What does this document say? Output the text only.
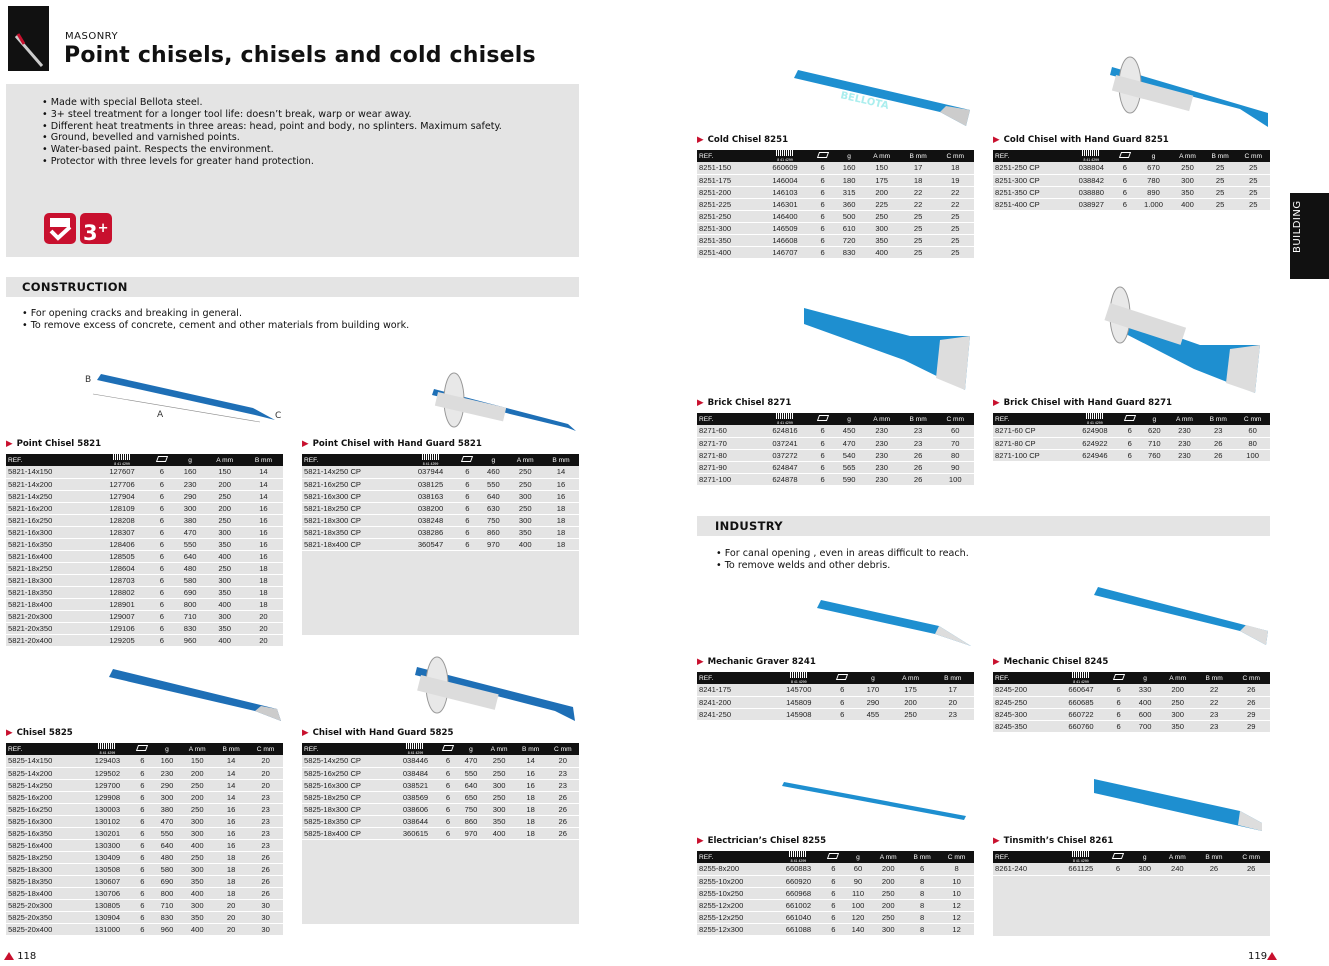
MASONRY
Point chisels, chisels and cold chisels
• Made with special Bellota steel.
• 3+ steel treatment for a longer tool life: doesn’t break, warp or wear away.
• Different heat treatments in three areas: head, point and body, no splinters. Maximum safety.
• Ground, bevelled and varnished points.
• Water-based paint. Respects the environment.
• Protector with three levels for greater hand protection.
3+
CONSTRUCTION
• For opening cracks and breaking in general.
• To remove excess of concrete, cement and other materials from building work.
BUILDING
B
A	C
BELLOTA
INDUSTRY
• For canal opening , even in areas difficult to reach.
• To remove welds and other debris.
▶ Point Chisel 5821
REF.	8 41 4299		g	A mm	B mm
5821-14x150	127607	6	160	150	14
5821-14x200	127706	6	230	200	14
5821-14x250	127904	6	290	250	14
5821-16x200	128109	6	300	200	16
5821-16x250	128208	6	380	250	16
5821-16x300	128307	6	470	300	16
5821-16x350	128406	6	550	350	16
5821-16x400	128505	6	640	400	16
5821-18x250	128604	6	480	250	18
5821-18x300	128703	6	580	300	18
5821-18x350	128802	6	690	350	18
5821-18x400	128901	6	800	400	18
5821-20x300	129007	6	710	300	20
5821-20x350	129106	6	830	350	20
5821-20x400	129205	6	960	400	20
▶ Point Chisel with Hand Guard 5821
REF.	8 41 4299		g	A mm	B mm
5821-14x250 CP	037944	6	460	250	14
5821-16x250 CP	038125	6	550	250	16
5821-16x300 CP	038163	6	640	300	16
5821-18x250 CP	038200	6	630	250	18
5821-18x300 CP	038248	6	750	300	18
5821-18x350 CP	038286	6	860	350	18
5821-18x400 CP	360547	6	970	400	18
▶ Chisel 5825
REF.	8 41 4299		g	A mm	B mm	C mm
5825-14x150	129403	6	160	150	14	20
5825-14x200	129502	6	230	200	14	20
5825-14x250	129700	6	290	250	14	20
5825-16x200	129908	6	300	200	14	23
5825-16x250	130003	6	380	250	16	23
5825-16x300	130102	6	470	300	16	23
5825-16x350	130201	6	550	300	16	23
5825-16x400	130300	6	640	400	16	23
5825-18x250	130409	6	480	250	18	26
5825-18x300	130508	6	580	300	18	26
5825-18x350	130607	6	690	350	18	26
5825-18x400	130706	6	800	400	18	26
5825-20x300	130805	6	710	300	20	30
5825-20x350	130904	6	830	350	20	30
5825-20x400	131000	6	960	400	20	30
▶ Chisel with Hand Guard 5825
REF.	8 41 4299		g	A mm	B mm	C mm
5825-14x250 CP	038446	6	470	250	14	20
5825-16x250 CP	038484	6	550	250	16	23
5825-16x300 CP	038521	6	640	300	16	23
5825-18x250 CP	038569	6	650	250	18	26
5825-18x300 CP	038606	6	750	300	18	26
5825-18x350 CP	038644	6	860	350	18	26
5825-18x400 CP	360615	6	970	400	18	26
▶ Cold Chisel 8251
REF.	8 41 4299		g	A mm	B mm	C mm
8251-150	660609	6	160	150	17	18
8251-175	146004	6	180	175	18	19
8251-200	146103	6	315	200	22	22
8251-225	146301	6	360	225	22	22
8251-250	146400	6	500	250	25	25
8251-300	146509	6	610	300	25	25
8251-350	146608	6	720	350	25	25
8251-400	146707	6	830	400	25	25
▶ Cold Chisel with Hand Guard 8251
REF.	8 41 4299		g	A mm	B mm	C mm
8251-250 CP	038804	6	670	250	25	25
8251-300 CP	038842	6	780	300	25	25
8251-350 CP	038880	6	890	350	25	25
8251-400 CP	038927	6	1.000	400	25	25
▶ Brick Chisel 8271
REF.	8 41 4299		g	A mm	B mm	C mm
8271-60	624816	6	450	230	23	60
8271-70	037241	6	470	230	23	70
8271-80	037272	6	540	230	26	80
8271-90	624847	6	565	230	26	90
8271-100	624878	6	590	230	26	100
▶ Brick Chisel with Hand Guard 8271
REF.	8 41 4299		g	A mm	B mm	C mm
8271-60 CP	624908	6	620	230	23	60
8271-80 CP	624922	6	710	230	26	80
8271-100 CP	624946	6	760	230	26	100
▶ Mechanic Graver 8241
REF.	8 41 4299		g	A mm	B mm
8241-175	145700	6	170	175	17
8241-200	145809	6	290	200	20
8241-250	145908	6	455	250	23
▶ Mechanic Chisel 8245
REF.	8 41 4299		g	A mm	B mm	C mm
8245-200	660647	6	330	200	22	26
8245-250	660685	6	400	250	22	26
8245-300	660722	6	600	300	23	29
8245-350	660760	6	700	350	23	29
▶ Electrician’s Chisel 8255
REF.	8 41 4299		g	A mm	B mm	C mm
8255-8x200	660883	6	60	200	6	8
8255-10x200	660920	6	90	200	8	10
8255-10x250	660968	6	110	250	8	10
8255-12x200	661002	6	100	200	8	12
8255-12x250	661040	6	120	250	8	12
8255-12x300	661088	6	140	300	8	12
▶ Tinsmith’s Chisel 8261
REF.	8 41 4299		g	A mm	B mm	C mm
8261-240	661125	6	300	240	26	26
118	119
